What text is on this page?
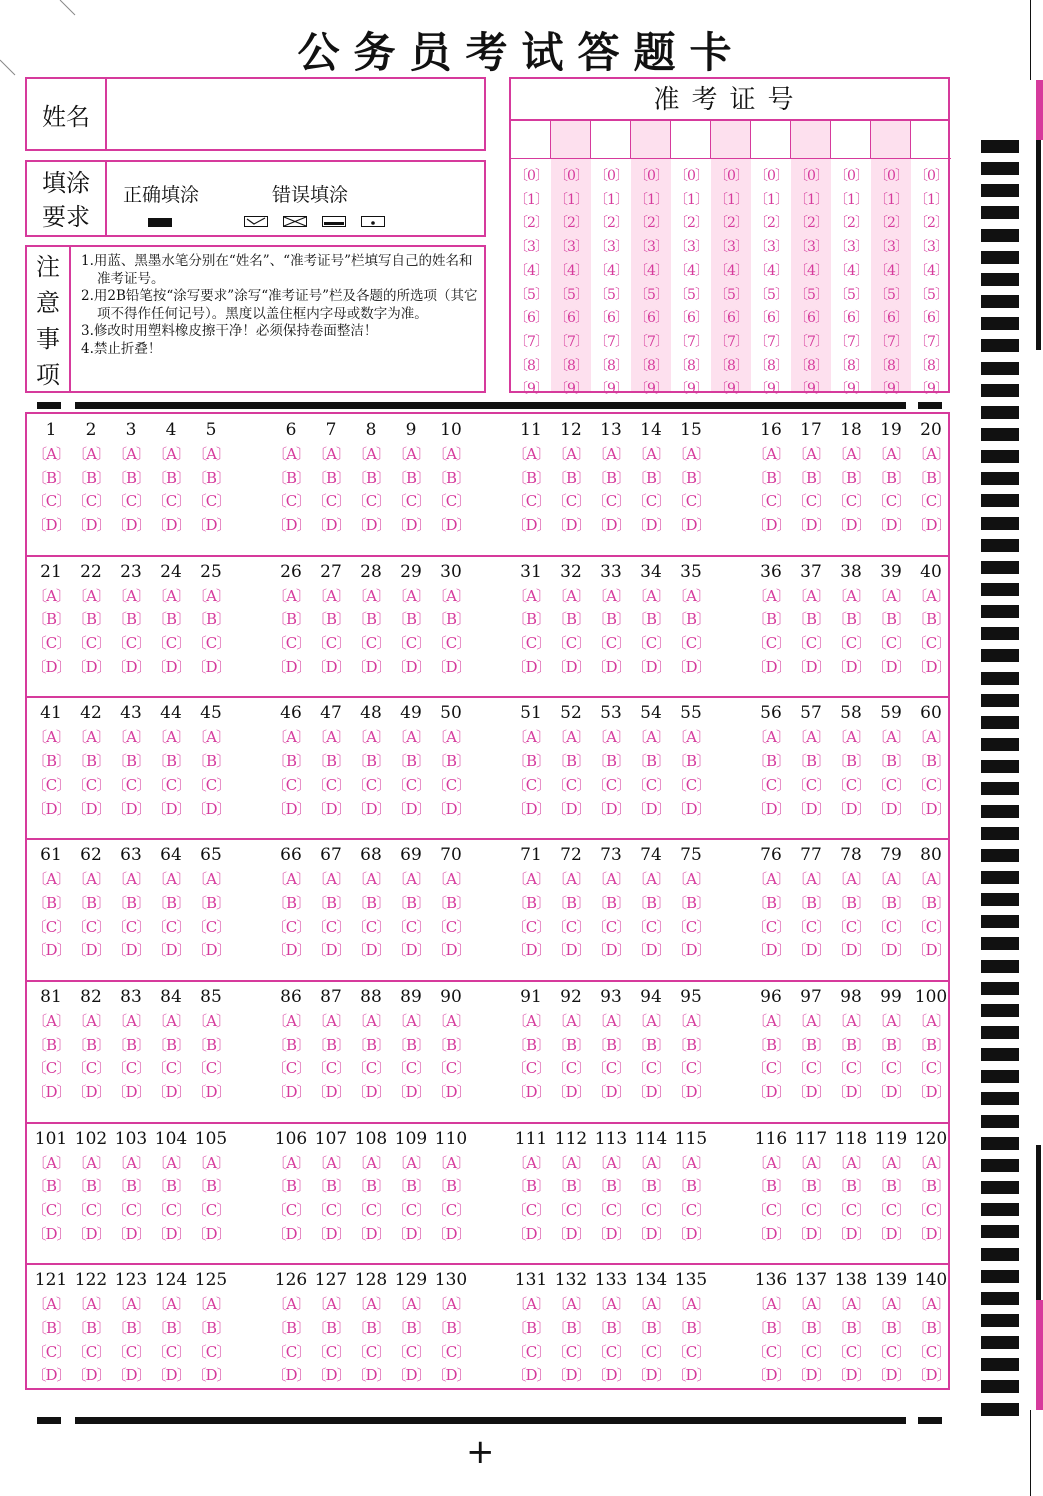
公务员考试答题卡
姓名
填涂
要求
正确填涂	错误填涂
注
意
事
项
1.用蓝、黑墨水笔分别在“姓名”、“准考证号”栏填写自己的姓名和准考证号。
2.用2B铅笔按“涂写要求”涂写“准考证号”栏及各题的所选项（其它项不得作任何记号）。黑度以盖住框内字母或数字为准。
3.修改时用塑料橡皮擦干净！必须保持卷面整洁！
4.禁止折叠！
准考证号
〔0〕
〔1〕
〔2〕
〔3〕
〔4〕
〔5〕
〔6〕
〔7〕
〔8〕
〔9〕
〔0〕
〔1〕
〔2〕
〔3〕
〔4〕
〔5〕
〔6〕
〔7〕
〔8〕
〔9〕
〔0〕
〔1〕
〔2〕
〔3〕
〔4〕
〔5〕
〔6〕
〔7〕
〔8〕
〔9〕
〔0〕
〔1〕
〔2〕
〔3〕
〔4〕
〔5〕
〔6〕
〔7〕
〔8〕
〔9〕
〔0〕
〔1〕
〔2〕
〔3〕
〔4〕
〔5〕
〔6〕
〔7〕
〔8〕
〔9〕
〔0〕
〔1〕
〔2〕
〔3〕
〔4〕
〔5〕
〔6〕
〔7〕
〔8〕
〔9〕
〔0〕
〔1〕
〔2〕
〔3〕
〔4〕
〔5〕
〔6〕
〔7〕
〔8〕
〔9〕
〔0〕
〔1〕
〔2〕
〔3〕
〔4〕
〔5〕
〔6〕
〔7〕
〔8〕
〔9〕
〔0〕
〔1〕
〔2〕
〔3〕
〔4〕
〔5〕
〔6〕
〔7〕
〔8〕
〔9〕
〔0〕
〔1〕
〔2〕
〔3〕
〔4〕
〔5〕
〔6〕
〔7〕
〔8〕
〔9〕
〔0〕
〔1〕
〔2〕
〔3〕
〔4〕
〔5〕
〔6〕
〔7〕
〔8〕
〔9〕
1
〔A〕
〔B〕
〔C〕
〔D〕
2
〔A〕
〔B〕
〔C〕
〔D〕
3
〔A〕
〔B〕
〔C〕
〔D〕
4
〔A〕
〔B〕
〔C〕
〔D〕
5
〔A〕
〔B〕
〔C〕
〔D〕
6
〔A〕
〔B〕
〔C〕
〔D〕
7
〔A〕
〔B〕
〔C〕
〔D〕
8
〔A〕
〔B〕
〔C〕
〔D〕
9
〔A〕
〔B〕
〔C〕
〔D〕
10
〔A〕
〔B〕
〔C〕
〔D〕
11
〔A〕
〔B〕
〔C〕
〔D〕
12
〔A〕
〔B〕
〔C〕
〔D〕
13
〔A〕
〔B〕
〔C〕
〔D〕
14
〔A〕
〔B〕
〔C〕
〔D〕
15
〔A〕
〔B〕
〔C〕
〔D〕
16
〔A〕
〔B〕
〔C〕
〔D〕
17
〔A〕
〔B〕
〔C〕
〔D〕
18
〔A〕
〔B〕
〔C〕
〔D〕
19
〔A〕
〔B〕
〔C〕
〔D〕
20
〔A〕
〔B〕
〔C〕
〔D〕
21
〔A〕
〔B〕
〔C〕
〔D〕
22
〔A〕
〔B〕
〔C〕
〔D〕
23
〔A〕
〔B〕
〔C〕
〔D〕
24
〔A〕
〔B〕
〔C〕
〔D〕
25
〔A〕
〔B〕
〔C〕
〔D〕
26
〔A〕
〔B〕
〔C〕
〔D〕
27
〔A〕
〔B〕
〔C〕
〔D〕
28
〔A〕
〔B〕
〔C〕
〔D〕
29
〔A〕
〔B〕
〔C〕
〔D〕
30
〔A〕
〔B〕
〔C〕
〔D〕
31
〔A〕
〔B〕
〔C〕
〔D〕
32
〔A〕
〔B〕
〔C〕
〔D〕
33
〔A〕
〔B〕
〔C〕
〔D〕
34
〔A〕
〔B〕
〔C〕
〔D〕
35
〔A〕
〔B〕
〔C〕
〔D〕
36
〔A〕
〔B〕
〔C〕
〔D〕
37
〔A〕
〔B〕
〔C〕
〔D〕
38
〔A〕
〔B〕
〔C〕
〔D〕
39
〔A〕
〔B〕
〔C〕
〔D〕
40
〔A〕
〔B〕
〔C〕
〔D〕
41
〔A〕
〔B〕
〔C〕
〔D〕
42
〔A〕
〔B〕
〔C〕
〔D〕
43
〔A〕
〔B〕
〔C〕
〔D〕
44
〔A〕
〔B〕
〔C〕
〔D〕
45
〔A〕
〔B〕
〔C〕
〔D〕
46
〔A〕
〔B〕
〔C〕
〔D〕
47
〔A〕
〔B〕
〔C〕
〔D〕
48
〔A〕
〔B〕
〔C〕
〔D〕
49
〔A〕
〔B〕
〔C〕
〔D〕
50
〔A〕
〔B〕
〔C〕
〔D〕
51
〔A〕
〔B〕
〔C〕
〔D〕
52
〔A〕
〔B〕
〔C〕
〔D〕
53
〔A〕
〔B〕
〔C〕
〔D〕
54
〔A〕
〔B〕
〔C〕
〔D〕
55
〔A〕
〔B〕
〔C〕
〔D〕
56
〔A〕
〔B〕
〔C〕
〔D〕
57
〔A〕
〔B〕
〔C〕
〔D〕
58
〔A〕
〔B〕
〔C〕
〔D〕
59
〔A〕
〔B〕
〔C〕
〔D〕
60
〔A〕
〔B〕
〔C〕
〔D〕
61
〔A〕
〔B〕
〔C〕
〔D〕
62
〔A〕
〔B〕
〔C〕
〔D〕
63
〔A〕
〔B〕
〔C〕
〔D〕
64
〔A〕
〔B〕
〔C〕
〔D〕
65
〔A〕
〔B〕
〔C〕
〔D〕
66
〔A〕
〔B〕
〔C〕
〔D〕
67
〔A〕
〔B〕
〔C〕
〔D〕
68
〔A〕
〔B〕
〔C〕
〔D〕
69
〔A〕
〔B〕
〔C〕
〔D〕
70
〔A〕
〔B〕
〔C〕
〔D〕
71
〔A〕
〔B〕
〔C〕
〔D〕
72
〔A〕
〔B〕
〔C〕
〔D〕
73
〔A〕
〔B〕
〔C〕
〔D〕
74
〔A〕
〔B〕
〔C〕
〔D〕
75
〔A〕
〔B〕
〔C〕
〔D〕
76
〔A〕
〔B〕
〔C〕
〔D〕
77
〔A〕
〔B〕
〔C〕
〔D〕
78
〔A〕
〔B〕
〔C〕
〔D〕
79
〔A〕
〔B〕
〔C〕
〔D〕
80
〔A〕
〔B〕
〔C〕
〔D〕
81
〔A〕
〔B〕
〔C〕
〔D〕
82
〔A〕
〔B〕
〔C〕
〔D〕
83
〔A〕
〔B〕
〔C〕
〔D〕
84
〔A〕
〔B〕
〔C〕
〔D〕
85
〔A〕
〔B〕
〔C〕
〔D〕
86
〔A〕
〔B〕
〔C〕
〔D〕
87
〔A〕
〔B〕
〔C〕
〔D〕
88
〔A〕
〔B〕
〔C〕
〔D〕
89
〔A〕
〔B〕
〔C〕
〔D〕
90
〔A〕
〔B〕
〔C〕
〔D〕
91
〔A〕
〔B〕
〔C〕
〔D〕
92
〔A〕
〔B〕
〔C〕
〔D〕
93
〔A〕
〔B〕
〔C〕
〔D〕
94
〔A〕
〔B〕
〔C〕
〔D〕
95
〔A〕
〔B〕
〔C〕
〔D〕
96
〔A〕
〔B〕
〔C〕
〔D〕
97
〔A〕
〔B〕
〔C〕
〔D〕
98
〔A〕
〔B〕
〔C〕
〔D〕
99
〔A〕
〔B〕
〔C〕
〔D〕
100
〔A〕
〔B〕
〔C〕
〔D〕
101
〔A〕
〔B〕
〔C〕
〔D〕
102
〔A〕
〔B〕
〔C〕
〔D〕
103
〔A〕
〔B〕
〔C〕
〔D〕
104
〔A〕
〔B〕
〔C〕
〔D〕
105
〔A〕
〔B〕
〔C〕
〔D〕
106
〔A〕
〔B〕
〔C〕
〔D〕
107
〔A〕
〔B〕
〔C〕
〔D〕
108
〔A〕
〔B〕
〔C〕
〔D〕
109
〔A〕
〔B〕
〔C〕
〔D〕
110
〔A〕
〔B〕
〔C〕
〔D〕
111
〔A〕
〔B〕
〔C〕
〔D〕
112
〔A〕
〔B〕
〔C〕
〔D〕
113
〔A〕
〔B〕
〔C〕
〔D〕
114
〔A〕
〔B〕
〔C〕
〔D〕
115
〔A〕
〔B〕
〔C〕
〔D〕
116
〔A〕
〔B〕
〔C〕
〔D〕
117
〔A〕
〔B〕
〔C〕
〔D〕
118
〔A〕
〔B〕
〔C〕
〔D〕
119
〔A〕
〔B〕
〔C〕
〔D〕
120
〔A〕
〔B〕
〔C〕
〔D〕
121
〔A〕
〔B〕
〔C〕
〔D〕
122
〔A〕
〔B〕
〔C〕
〔D〕
123
〔A〕
〔B〕
〔C〕
〔D〕
124
〔A〕
〔B〕
〔C〕
〔D〕
125
〔A〕
〔B〕
〔C〕
〔D〕
126
〔A〕
〔B〕
〔C〕
〔D〕
127
〔A〕
〔B〕
〔C〕
〔D〕
128
〔A〕
〔B〕
〔C〕
〔D〕
129
〔A〕
〔B〕
〔C〕
〔D〕
130
〔A〕
〔B〕
〔C〕
〔D〕
131
〔A〕
〔B〕
〔C〕
〔D〕
132
〔A〕
〔B〕
〔C〕
〔D〕
133
〔A〕
〔B〕
〔C〕
〔D〕
134
〔A〕
〔B〕
〔C〕
〔D〕
135
〔A〕
〔B〕
〔C〕
〔D〕
136
〔A〕
〔B〕
〔C〕
〔D〕
137
〔A〕
〔B〕
〔C〕
〔D〕
138
〔A〕
〔B〕
〔C〕
〔D〕
139
〔A〕
〔B〕
〔C〕
〔D〕
140
〔A〕
〔B〕
〔C〕
〔D〕
+
